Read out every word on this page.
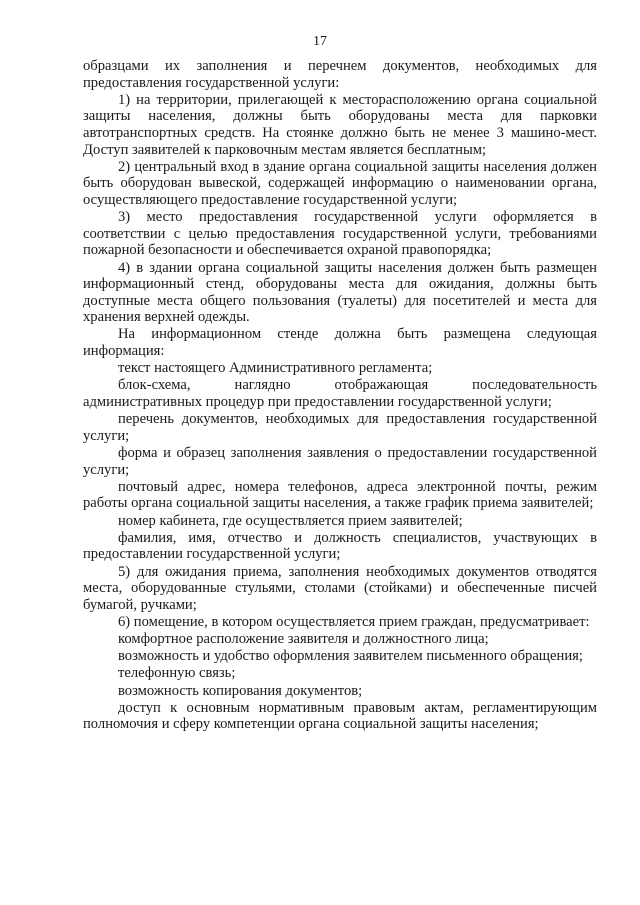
17

образцами их заполнения и перечнем документов, необходимых для предоставления государственной услуги:

1) на территории, прилегающей к месторасположению органа социальной защиты населения, должны быть оборудованы места для парковки автотранспортных средств. На стоянке должно быть не менее 3 машино-мест. Доступ заявителей к парковочным местам является бесплатным;

2) центральный вход в здание органа социальной защиты населения должен быть оборудован вывеской, содержащей информацию о наименовании органа, осуществляющего предоставление государственной услуги;

3) место предоставления государственной услуги оформляется в соответствии с целью предоставления государственной услуги, требованиями пожарной безопасности и обеспечивается охраной правопорядка;

4) в здании органа социальной защиты населения должен быть размещен информационный стенд, оборудованы места для ожидания, должны быть доступные места общего пользования (туалеты) для посетителей и места для хранения верхней одежды.

На информационном стенде должна быть размещена следующая информация:

текст настоящего Административного регламента;

блок-схема, наглядно отображающая последовательность административных процедур при предоставлении государственной услуги;

перечень документов, необходимых для предоставления государственной услуги;

форма и образец заполнения заявления о предоставлении государственной услуги;

почтовый адрес, номера телефонов, адреса электронной почты, режим работы органа социальной защиты населения, а также график приема заявителей;

номер кабинета, где осуществляется прием заявителей;

фамилия, имя, отчество и должность специалистов, участвующих в предоставлении государственной услуги;

5) для ожидания приема, заполнения необходимых документов отводятся места, оборудованные стульями, столами (стойками) и обеспеченные писчей бумагой, ручками;

6) помещение, в котором осуществляется прием граждан, предусматривает:

комфортное расположение заявителя и должностного лица;

возможность и удобство оформления заявителем письменного обращения;

телефонную связь;

возможность копирования документов;

доступ к основным нормативным правовым актам, регламентирующим полномочия и сферу компетенции органа социальной защиты населения;
